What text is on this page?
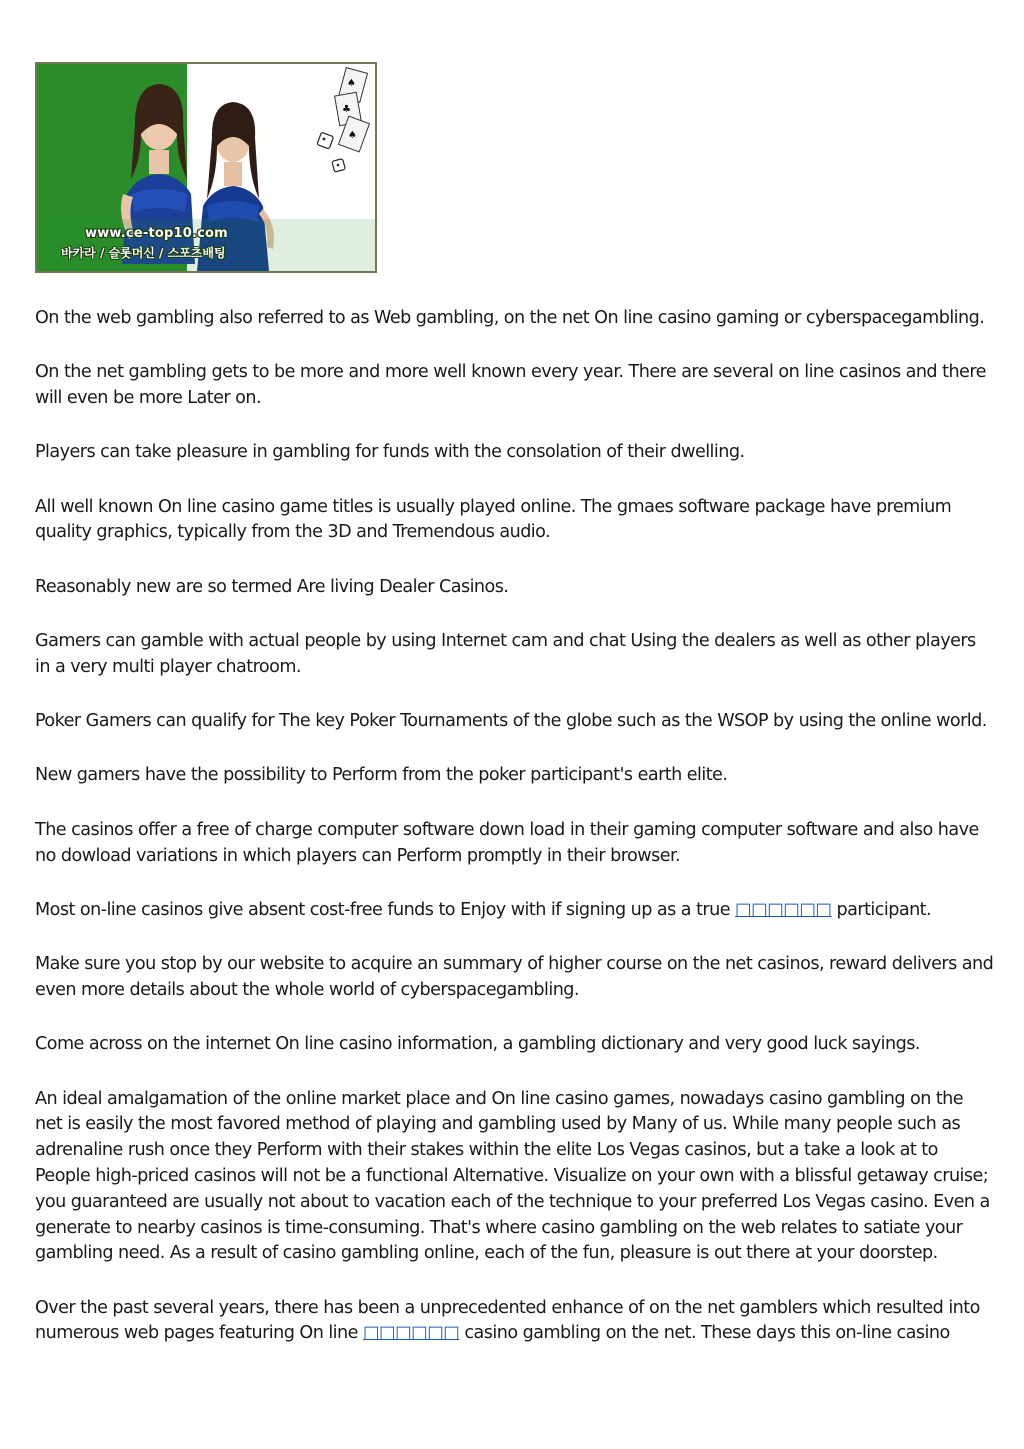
♠
♣
♠
www.ce-top10.com
바카라 / 슬롯머신 / 스포츠배팅

On the web gambling also referred to as Web gambling, on the net On line casino gaming or cyberspacegambling.

On the net gambling gets to be more and more well known every year. There are several on line casinos and there will even be more Later on.

Players can take pleasure in gambling for funds with the consolation of their dwelling.

All well known On line casino game titles is usually played online. The gmaes software package have premium quality graphics, typically from the 3D and Tremendous audio.

Reasonably new are so termed Are living Dealer Casinos.

Gamers can gamble with actual people by using Internet cam and chat Using the dealers as well as other players in a very multi player chatroom.

Poker Gamers can qualify for The key Poker Tournaments of the globe such as the WSOP by using the online world.

New gamers have the possibility to Perform from the poker participant's earth elite.

The casinos offer a free of charge computer software down load in their gaming computer software and also have no dowload variations in which players can Perform promptly in their browser.

Most on-line casinos give absent cost-free funds to Enjoy with if signing up as a true □□□□□□ participant.

Make sure you stop by our website to acquire an summary of higher course on the net casinos, reward delivers and even more details about the whole world of cyberspacegambling.

Come across on the internet On line casino information, a gambling dictionary and very good luck sayings.

An ideal amalgamation of the online market place and On line casino games, nowadays casino gambling on the net is easily the most favored method of playing and gambling used by Many of us. While many people such as adrenaline rush once they Perform with their stakes within the elite Los Vegas casinos, but a take a look at to People high-priced casinos will not be a functional Alternative. Visualize on your own with a blissful getaway cruise; you guaranteed are usually not about to vacation each of the technique to your preferred Los Vegas casino. Even a generate to nearby casinos is time-consuming. That's where casino gambling on the web relates to satiate your gambling need. As a result of casino gambling online, each of the fun, pleasure is out there at your doorstep.

Over the past several years, there has been a unprecedented enhance of on the net gamblers which resulted into numerous web pages featuring On line □□□□□□ casino gambling on the net. These days this on-line casino
